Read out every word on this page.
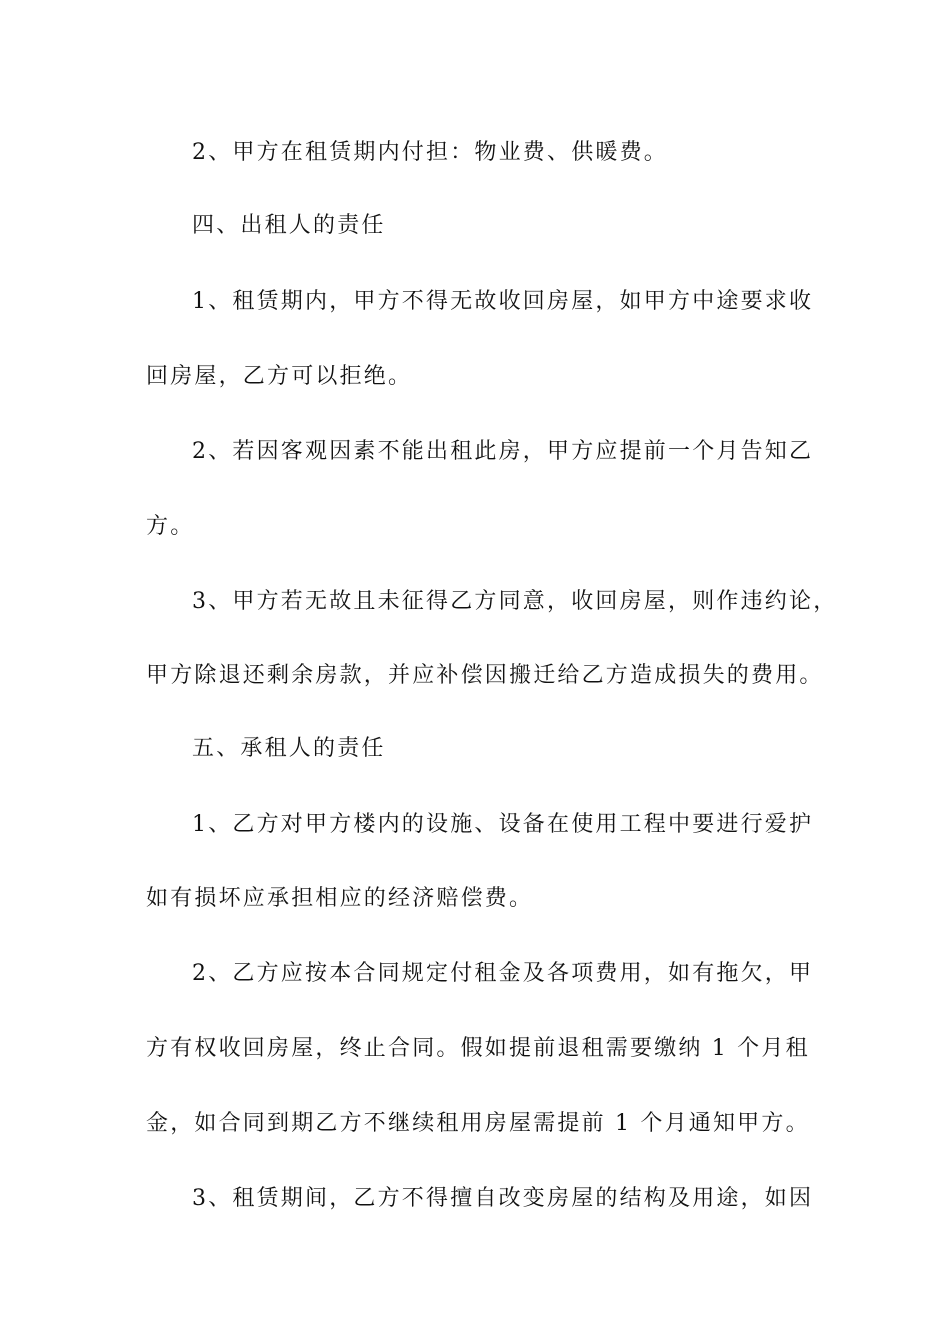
2、甲方在租赁期内付担：物业费、供暖费。
四、出租人的责任
1、租赁期内，甲方不得无故收回房屋，如甲方中途要求收
回房屋，乙方可以拒绝。
2、若因客观因素不能出租此房，甲方应提前一个月告知乙
方。
3、甲方若无故且未征得乙方同意，收回房屋，则作违约论，
甲方除退还剩余房款，并应补偿因搬迁给乙方造成损失的费用。
五、承租人的责任
1、乙方对甲方楼内的设施、设备在使用工程中要进行爱护
如有损坏应承担相应的经济赔偿费。
2、乙方应按本合同规定付租金及各项费用，如有拖欠，甲
方有权收回房屋，终止合同。假如提前退租需要缴纳 1 个月租
金，如合同到期乙方不继续租用房屋需提前 1 个月通知甲方。
3、租赁期间，乙方不得擅自改变房屋的结构及用途，如因
